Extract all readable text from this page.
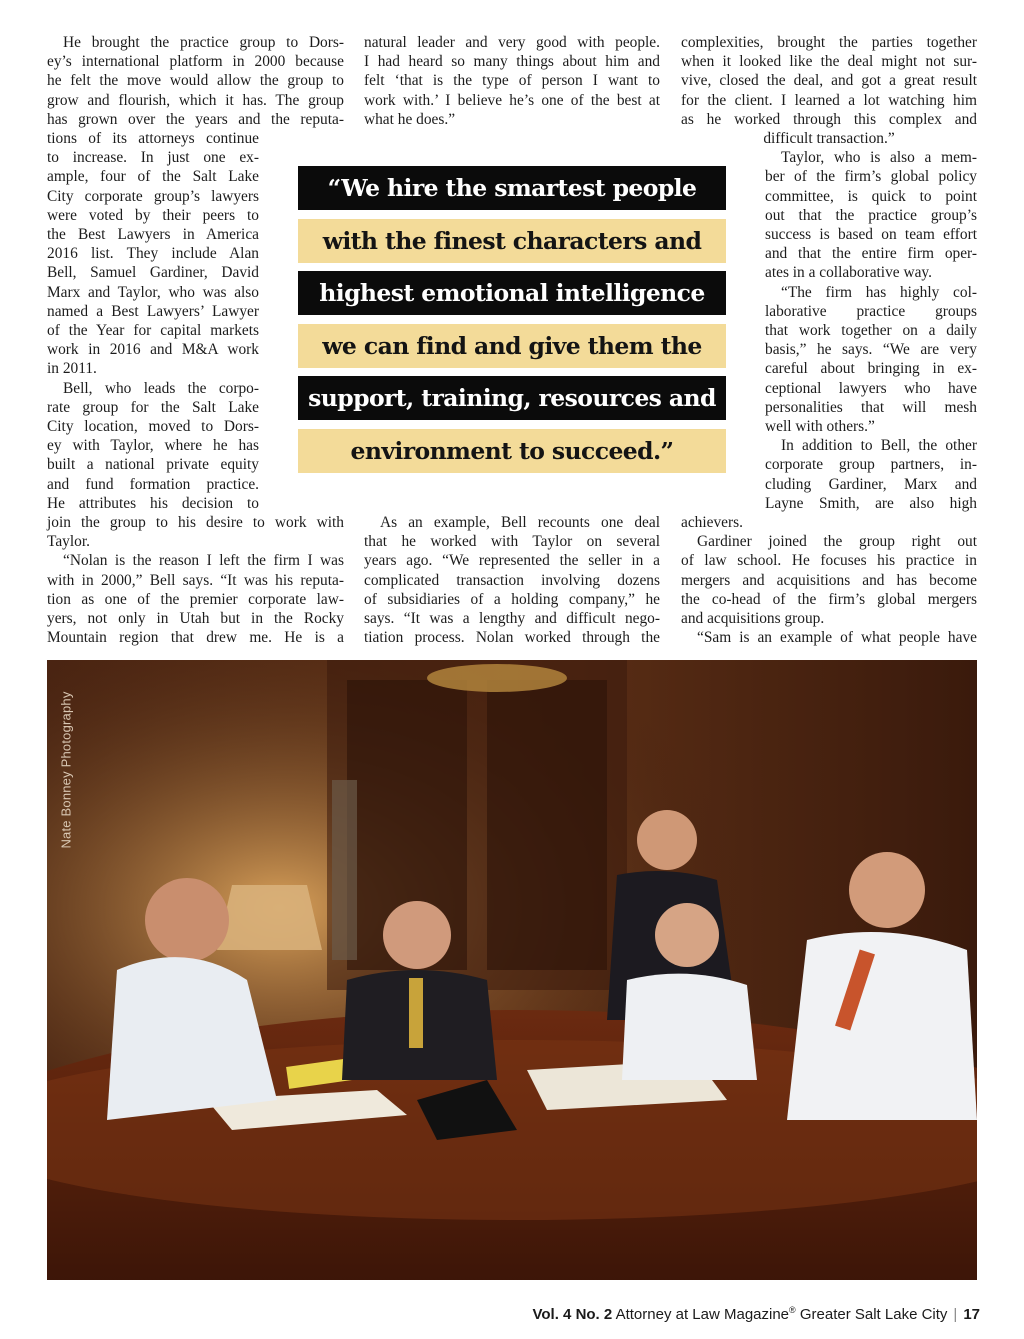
He brought the practice group to Dors-
ey’s international platform in 2000 because
he felt the move would allow the group to
grow and flourish, which it has. The group
has grown over the years and the reputa-
tions of its attorneys continue
to increase. In just one ex-
ample, four of the Salt Lake
City corporate group’s lawyers
were voted by their peers to
the Best Lawyers in America
2016 list. They include Alan
Bell, Samuel Gardiner, David
Marx and Taylor, who was also
named a Best Lawyers’ Lawyer
of the Year for capital markets
work in 2016 and M&A work
in 2011.
Bell, who leads the corpo-
rate group for the Salt Lake
City location, moved to Dors-
ey with Taylor, where he has
built a national private equity
and fund formation practice.
He attributes his decision to
join the group to his desire to work with
Taylor.
“Nolan is the reason I left the firm I was
with in 2000,” Bell says. “It was his reputa-
tion as one of the premier corporate law-
yers, not only in Utah but in the Rocky
Mountain region that drew me. He is a
natural leader and very good with people.
I had heard so many things about him and
felt ‘that is the type of person I want to
work with.’ I believe he’s one of the best at
what he does.”
“We hire the smartest people
with the finest characters and
highest emotional intelligence
we can find and give them the
support, training, resources and
environment to succeed.”
As an example, Bell recounts one deal
that he worked with Taylor on several
years ago. “We represented the seller in a
complicated transaction involving dozens
of subsidiaries of a holding company,” he
says. “It was a lengthy and difficult nego-
tiation process. Nolan worked through the
complexities, brought the parties together
when it looked like the deal might not sur-
vive, closed the deal, and got a great result
for the client. I learned a lot watching him
as he worked through this complex and
difficult transaction.”
Taylor, who is also a mem-
ber of the firm’s global policy
committee, is quick to point
out that the practice group’s
success is based on team effort
and that the entire firm oper-
ates in a collaborative way.
“The firm has highly col-
laborative practice groups
that work together on a daily
basis,” he says. “We are very
careful about bringing in ex-
ceptional lawyers who have
personalities that will mesh
well with others.”
In addition to Bell, the other
corporate group partners, in-
cluding Gardiner, Marx and
Layne Smith, are also high
achievers.
Gardiner joined the group right out
of law school. He focuses his practice in
mergers and acquisitions and has become
the co-head of the firm’s global mergers
and acquisitions group.
“Sam is an example of what people have
Nate Bonney Photography
Vol. 4 No. 2 Attorney at Law Magazine® Greater Salt Lake City | 17
